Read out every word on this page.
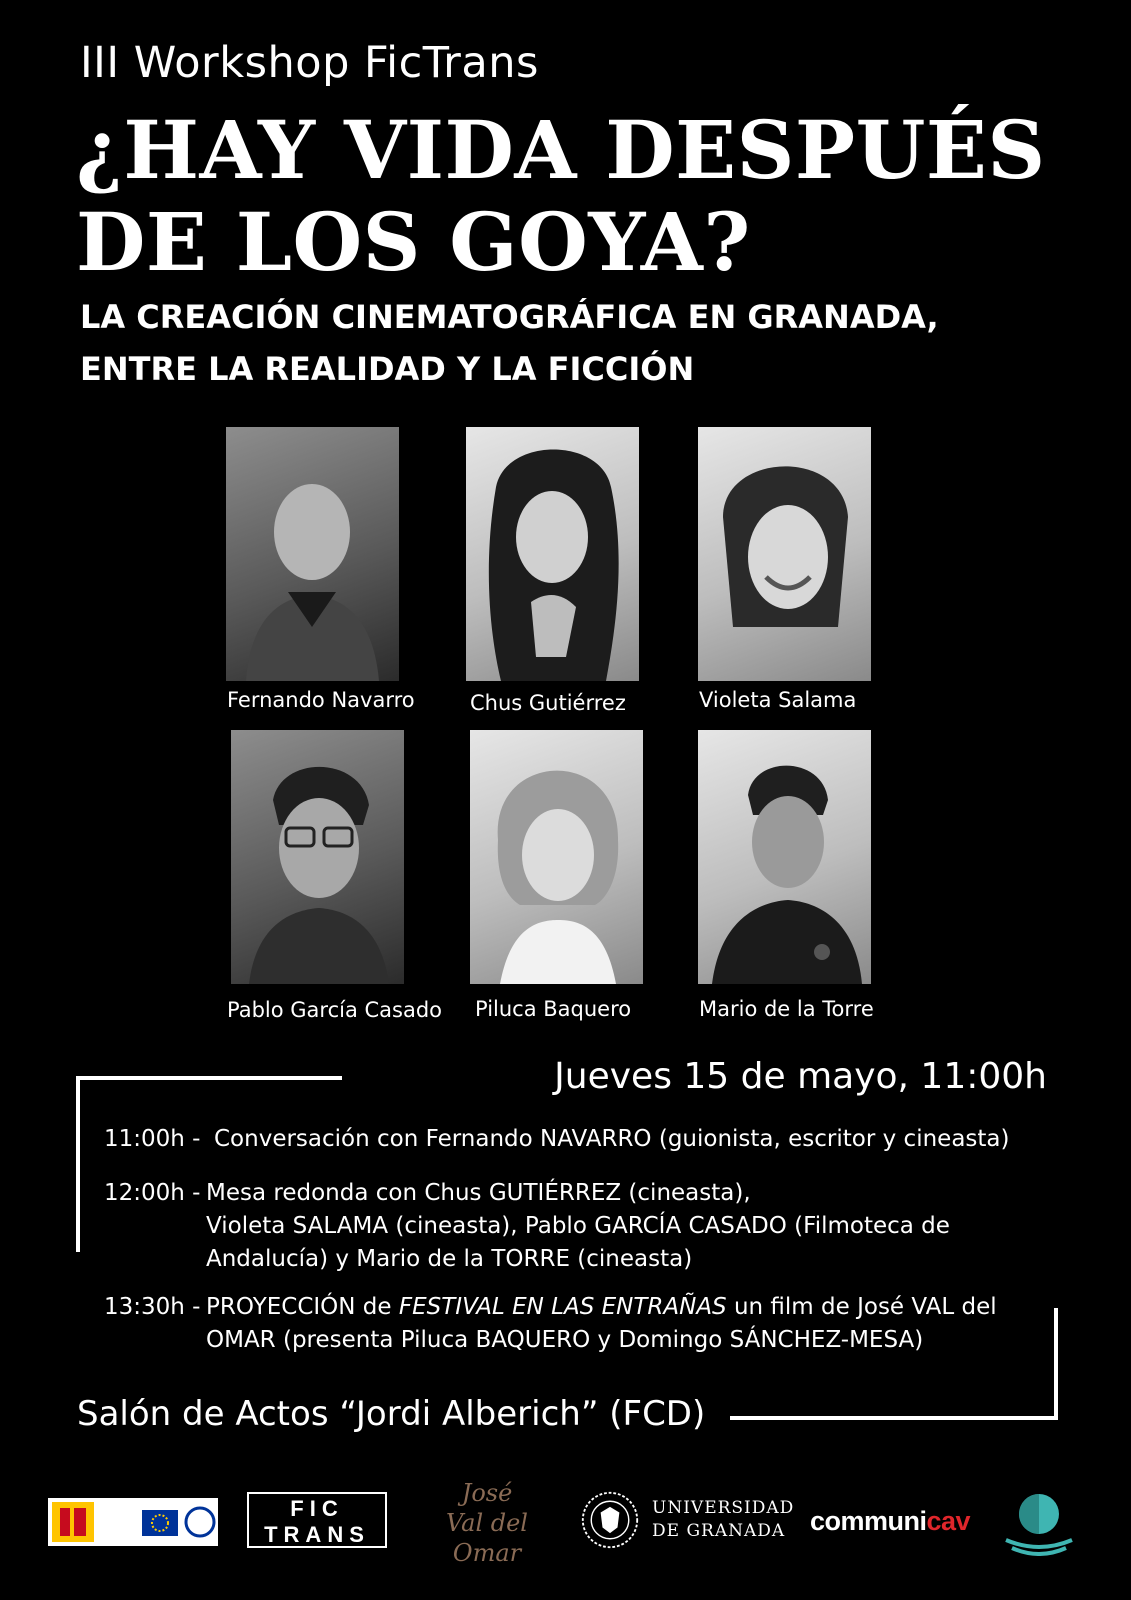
III Workshop FicTrans
¿HAY VIDA DESPUÉS
DE LOS GOYA?
LA CREACIÓN CINEMATOGRÁFICA EN GRANADA,
ENTRE LA REALIDAD Y LA FICCIÓN
Fernando Navarro	Chus Gutiérrez	Violeta Salama
Pablo García Casado Piluca Baquero	Mario de la Torre
Jueves 15 de mayo, 11:00h
11:00h - Conversación con Fernando NAVARRO (guionista, escritor y cineasta)
12:00h - Mesa redonda con Chus GUTIÉRREZ (cineasta),
Violeta SALAMA (cineasta), Pablo GARCÍA CASADO (Filmoteca de
Andalucía) y Mario de la TORRE (cineasta)
13:30h - PROYECCIÓN de FESTIVAL EN LAS ENTRAÑAS un film de José VAL del
OMAR (presenta Piluca BAQUERO y Domingo SÁNCHEZ-MESA)
Salón de Actos “Jordi Alberich” (FCD)
FIC
TRANS
José
Val del Omar
UNIVERSIDAD
DE GRANADA communicav
